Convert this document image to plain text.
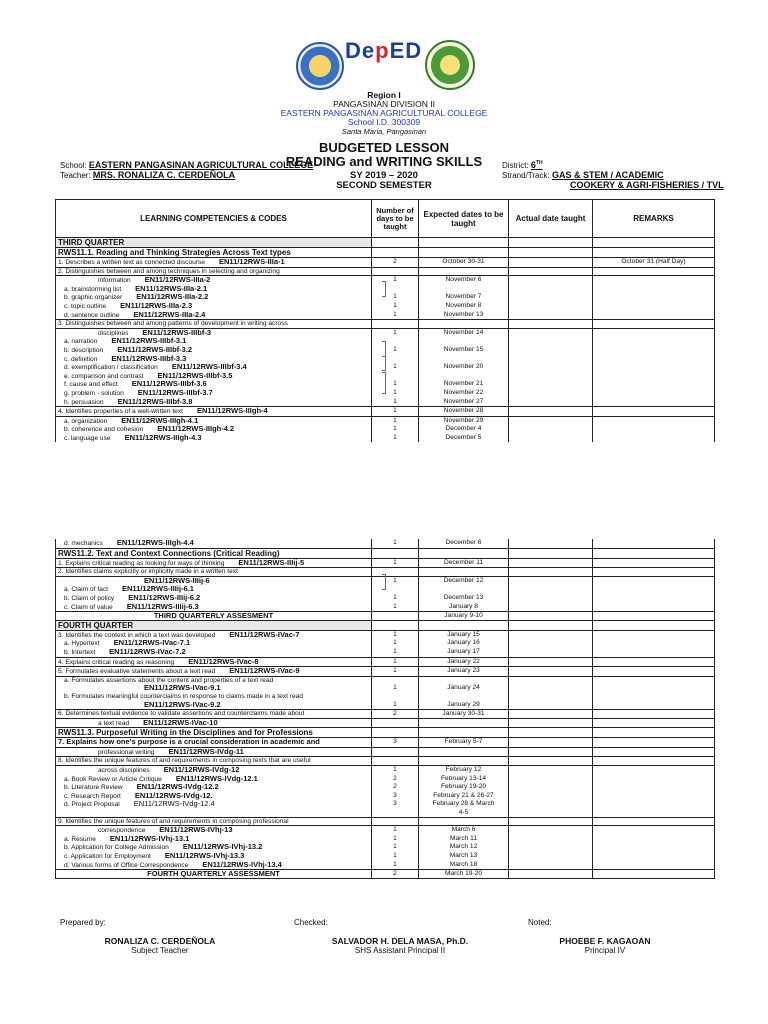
DepED
Region I
PANGASINAN DIVISION II
EASTERN PANGASINAN AGRICULTURAL COLLEGE
School I.D. 300309
Santa Maria, Pangasinan
BUDGETED LESSON
READING and WRITING SKILLS
SY 2019 – 2020
SECOND SEMESTER
School: EASTERN PANGASINAN AGRICULTURAL COLLEGE
Teacher: MRS. RONALIZA C. CERDEÑOLA
District: 6TH
Strand/Track: GAS & STEM / ACADEMIC
COOKERY & AGRI-FISHERIES / TVL
LEARNING COMPETENCIES & CODES	Number of days to be taught	Expected dates to be taught	Actual date taught	REMARKS
THIRD QUARTER				
RWS11.1. Reading and Thinking Strategies Across Text types				
1. Describes a written text as connected discourse EN11/12RWS-IIIa-1	2	October 30-31		October 31 (Half Day)
2. Distinguishes between and among techniques in selecting and organizing				
information EN11/12RWS-IIIa-2	1	November 6		
a. brainstorming list EN11/12RWS-IIIa-2.1				
b. graphic organizer EN11/12RWS-IIIa-2.2	1	November 7		
c. topic outline EN11/12RWS-IIIa-2.3	1	November 8		
d. sentence outline EN11/12RWS-IIIa-2.4	1	November 13		
3. Distinguishes between and among patterns of development in writing across				
disciplines EN11/12RWS-IIIbf-3	1	November 14		
a. narration EN11/12RWS-IIIbf-3.1				
b. description EN11/12RWS-IIIbf-3.2	1	November 15		
c. definition EN11/12RWS-IIIbf-3.3				
d. exemplification / classification EN11/12RWS-IIIbf-3.4	1	November 20		
e. comparison and contrast EN11/12RWS-IIIbf-3.5				
f. cause and effect EN11/12RWS-IIIbf-3.6	1	November 21		
g. problem - solution EN11/12RWS-IIIbf-3.7	1	November 22		
h. persuasion EN11/12RWS-IIIbf-3.8	1	November 27		
4. Identifies properties of a well-written text EN11/12RWS-IIIgh-4	1	November 28		
a. organization EN11/12RWS-IIIgh-4.1	1	November 29		
b. coherence and cohesion EN11/12RWS-IIIgh-4.2	1	December 4		
c. language use EN11/12RWS-IIIgh-4.3	1	December 5		
d. mechanics EN11/12RWS-IIIgh-4.4	1	December 6		
RWS11.2. Text and Context Connections (Critical Reading)				
1. Explains critical reading as looking for ways of thinking EN11/12RWS-IIIij-5	1	December 11		
2. Identifies claims explicitly or implicitly made in a written text				
EN11/12RWS-IIIij-6	1	December 12		
a. Claim of fact EN11/12RWS-IIIij-6.1				
b. Claim of policy EN11/12RWS-IIIij-6.2	1	December 13		
c. Claim of value EN11/12RWS-IIIij-6.3	1	January 8		
THIRD QUARTERLY ASSESMENT		January 9-10		
FOURTH QUARTER				
3. Identifies the context in which a text was developed EN11/12RWS-IVac-7	1	January 15		
a. Hypertext EN11/12RWS-IVac-7.1	1	January 16		
b. Intertext EN11/12RWS-IVac-7.2	1	January 17		
4. Explains critical reading as reasoning EN11/12RWS-IVac-8	1	January 22		
5. Formulates evaluative statements about a text read EN11/12RWS-IVac-9	1	January 23		
a. Formulates assertions about the content and properties of a text read				
EN11/12RWS-IVac-9.1	1	January 24		
b. Formulates meaningful counterclaims in response to claims made in a text read				
EN11/12RWS-IVac-9.2	1	January 29		
6. Determines textual evidence to validate assertions and counterclaims made about	2	January 30-31		
a text read EN11/12RWS-IVac-10				
RWS11.3. Purposeful Writing in the Disciplines and for Professions				
7. Explains how one's purpose is a crucial consideration in academic and	3	February 5-7		
professional writing EN11/12RWS-IVdg-11				
8. Identifies the unique features of and requirements in composing texts that are useful				
across disciplines EN11/12RWS-IVdg-12	1	February 12		
a. Book Review or Article Critique EN11/12RWS-IVdg-12.1	2	February 13-14		
b. Literature Review EN11/12RWS-IVdg-12.2	2	February 19-20		
c. Research Report EN11/12RWS-IVdg-12.	3	February 21 & 26-27		
d. Project Proposal EN11/12RWS-IVdg-12.4	3	February 28 & March		
		4-5		
9. Identifies the unique features of and requirements in composing professional				
correspondence EN11/12RWS-IVhj-13	1	March 6		
a. Resume EN11/12RWS-IVhj-13.1	1	March 11		
b. Application for College Admission EN11/12RWS-IVhj-13.2	1	March 12		
c. Application for Employment EN11/12RWS-IVhj-13.3	1	March 13		
d. Various forms of Office Correspondence EN11/12RWS-IVhj-13.4	1	March 18		
FOURTH QUARTERLY ASSESSMENT	2	March 19-20		
Prepared by:	Checked:	Noted:
RONALIZA C. CERDEÑOLA
Subject Teacher
SALVADOR H. DELA MASA, Ph.D.
SHS Assistant Principal II
PHOEBE F. KAGAOAN
Principal IV
